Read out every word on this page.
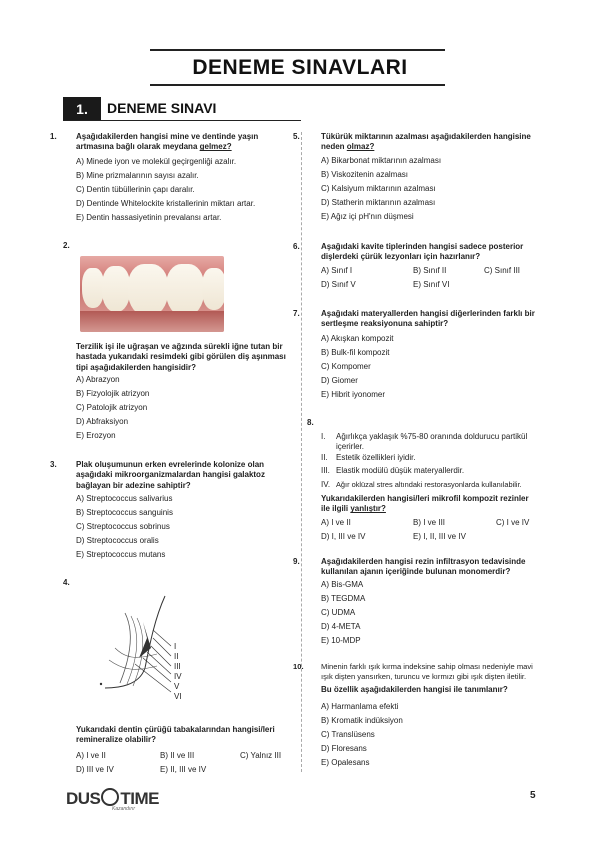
DENEME SINAVLARI
1.	DENEME SINAVI
1. Aşağıdakilerden hangisi mine ve dentinde yaşın artmasına bağlı olarak meydana gelmez?
A) Minede iyon ve molekül geçirgenliği azalır.
B) Mine prizmalarının sayısı azalır.
C) Dentin tübüllerinin çapı daralır.
D) Dentinde Whitelockite kristallerinin miktarı artar.
E) Dentin hassasiyetinin prevalansı artar.
2.
Terzilik işi ile uğraşan ve ağzında sürekli iğne tutan bir hastada yukarıdaki resimdeki gibi görülen diş aşınması tipi aşağıdakilerden hangisidir?
A) Abrazyon
B) Fizyolojik atrizyon
C) Patolojik atrizyon
D) Abfraksiyon
E) Erozyon
3. Plak oluşumunun erken evrelerinde kolonize olan aşağıdaki mikroorganizmalardan hangisi galaktoz bağlayan bir adezine sahiptir?
A) Streptococcus salivarius
B) Streptococcus sanguinis
C) Streptococcus sobrinus
D) Streptococcus oralis
E) Streptococcus mutans
4.
I
II
III
IV
V
VI
Yukarıdaki dentin çürüğü tabakalarından hangisi/leri remineralize olabilir?
A) I ve II	B) II ve III	C) Yalnız III
D) III ve IV	E) II, III ve IV
5.	Tükürük miktarının azalması aşağıdakilerden hangisine neden olmaz?
A) Bikarbonat miktarının azalması
B) Viskozitenin azalması
C) Kalsiyum miktarının azalması
D) Statherin miktarının azalması
E) Ağız içi pH'nın düşmesi
6.	Aşağıdaki kavite tiplerinden hangisi sadece posterior dişlerdeki çürük lezyonları için hazırlanır?
A) Sınıf I	B) Sınıf II	C) Sınıf III
D) Sınıf V	E) Sınıf VI
7.	Aşağıdaki materyallerden hangisi diğerlerinden farklı bir sertleşme reaksiyonuna sahiptir?
A) Akışkan kompozit
B) Bulk-fil kompozit
C) Kompomer
D) Giomer
E) Hibrit iyonomer
8.
I. Ağırlıkça yaklaşık %75-80 oranında doldurucu partikül içerirler.
II. Estetik özellikleri iyidir.
III. Elastik modülü düşük materyallerdir.
IV. Ağır oklüzal stres altındaki restorasyonlarda kullanılabilir.
Yukarıdakilerden hangisi/leri mikrofil kompozit rezinler ile ilgili yanlıştır?
A) I ve II	B) I ve III	C) I ve IV
D) I, III ve IV	E) I, II, III ve IV
9.	Aşağıdakilerden hangisi rezin infiltrasyon tedavisinde kullanılan ajanın içeriğinde bulunan monomerdir?
A) Bis-GMA
B) TEGDMA
C) UDMA
D) 4-META
E) 10-MDP
10. Minenin farklı ışık kırma indeksine sahip olması nedeniyle mavi ışık dişten yansırken, turuncu ve kırmızı gibi ışık dişten iletilir.
Bu özellik aşağıdakilerden hangisi ile tanımlanır?
A) Harmanlama efekti
B) Kromatik indüksiyon
C) Translüsens
D) Floresans
E) Opalesans
DUS TIME
Kazandırır
5
